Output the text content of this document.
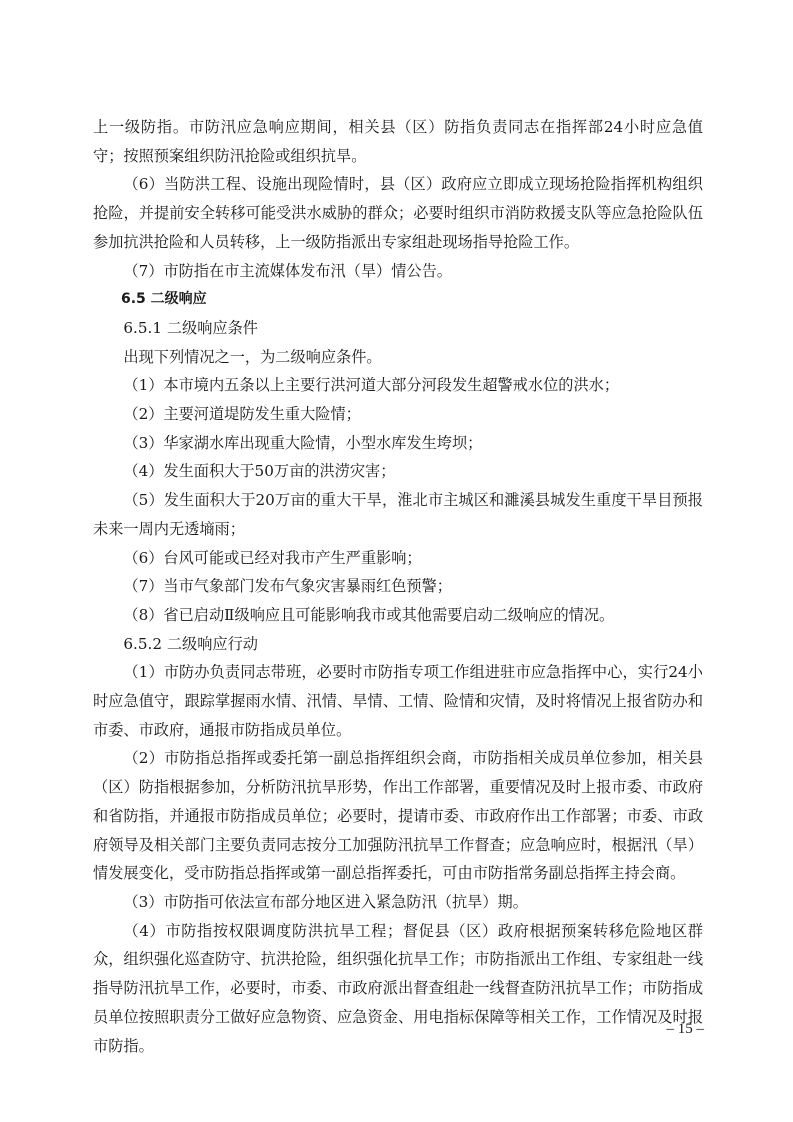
上一级防指。市防汛应急响应期间，相关县（区）防指负责同志在指挥部24小时应急值守；按照预案组织防汛抢险或组织抗旱。

（6）当防洪工程、设施出现险情时，县（区）政府应立即成立现场抢险指挥机构组织抢险，并提前安全转移可能受洪水威胁的群众；必要时组织市消防救援支队等应急抢险队伍参加抗洪抢险和人员转移，上一级防指派出专家组赴现场指导抢险工作。

（7）市防指在市主流媒体发布汛（旱）情公告。

6.5 二级响应

6.5.1 二级响应条件

出现下列情况之一，为二级响应条件。

（1）本市境内五条以上主要行洪河道大部分河段发生超警戒水位的洪水；

（2）主要河道堤防发生重大险情；

（3）华家湖水库出现重大险情，小型水库发生垮坝；

（4）发生面积大于50万亩的洪涝灾害；

（5）发生面积大于20万亩的重大干旱，淮北市主城区和濉溪县城发生重度干旱目预报未来一周内无透墒雨；

（6）台风可能或已经对我市产生严重影响；

（7）当市气象部门发布气象灾害暴雨红色预警；

（8）省已启动Ⅱ级响应且可能影响我市或其他需要启动二级响应的情况。

6.5.2 二级响应行动

（1）市防办负责同志带班，必要时市防指专项工作组进驻市应急指挥中心，实行24小时应急值守，跟踪掌握雨水情、汛情、旱情、工情、险情和灾情，及时将情况上报省防办和市委、市政府，通报市防指成员单位。

（2）市防指总指挥或委托第一副总指挥组织会商，市防指相关成员单位参加，相关县（区）防指根据参加，分析防汛抗旱形势，作出工作部署，重要情况及时上报市委、市政府和省防指，并通报市防指成员单位；必要时，提请市委、市政府作出工作部署；市委、市政府领导及相关部门主要负责同志按分工加强防汛抗旱工作督查；应急响应时，根据汛（旱）情发展变化，受市防指总指挥或第一副总指挥委托，可由市防指常务副总指挥主持会商。

（3）市防指可依法宣布部分地区进入紧急防汛（抗旱）期。

（4）市防指按权限调度防洪抗旱工程；督促县（区）政府根据预案转移危险地区群众，组织强化巡查防守、抗洪抢险，组织强化抗旱工作；市防指派出工作组、专家组赴一线指导防汛抗旱工作，必要时，市委、市政府派出督查组赴一线督查防汛抗旱工作；市防指成员单位按照职责分工做好应急物资、应急资金、用电指标保障等相关工作，工作情况及时报市防指。

– 15 –
